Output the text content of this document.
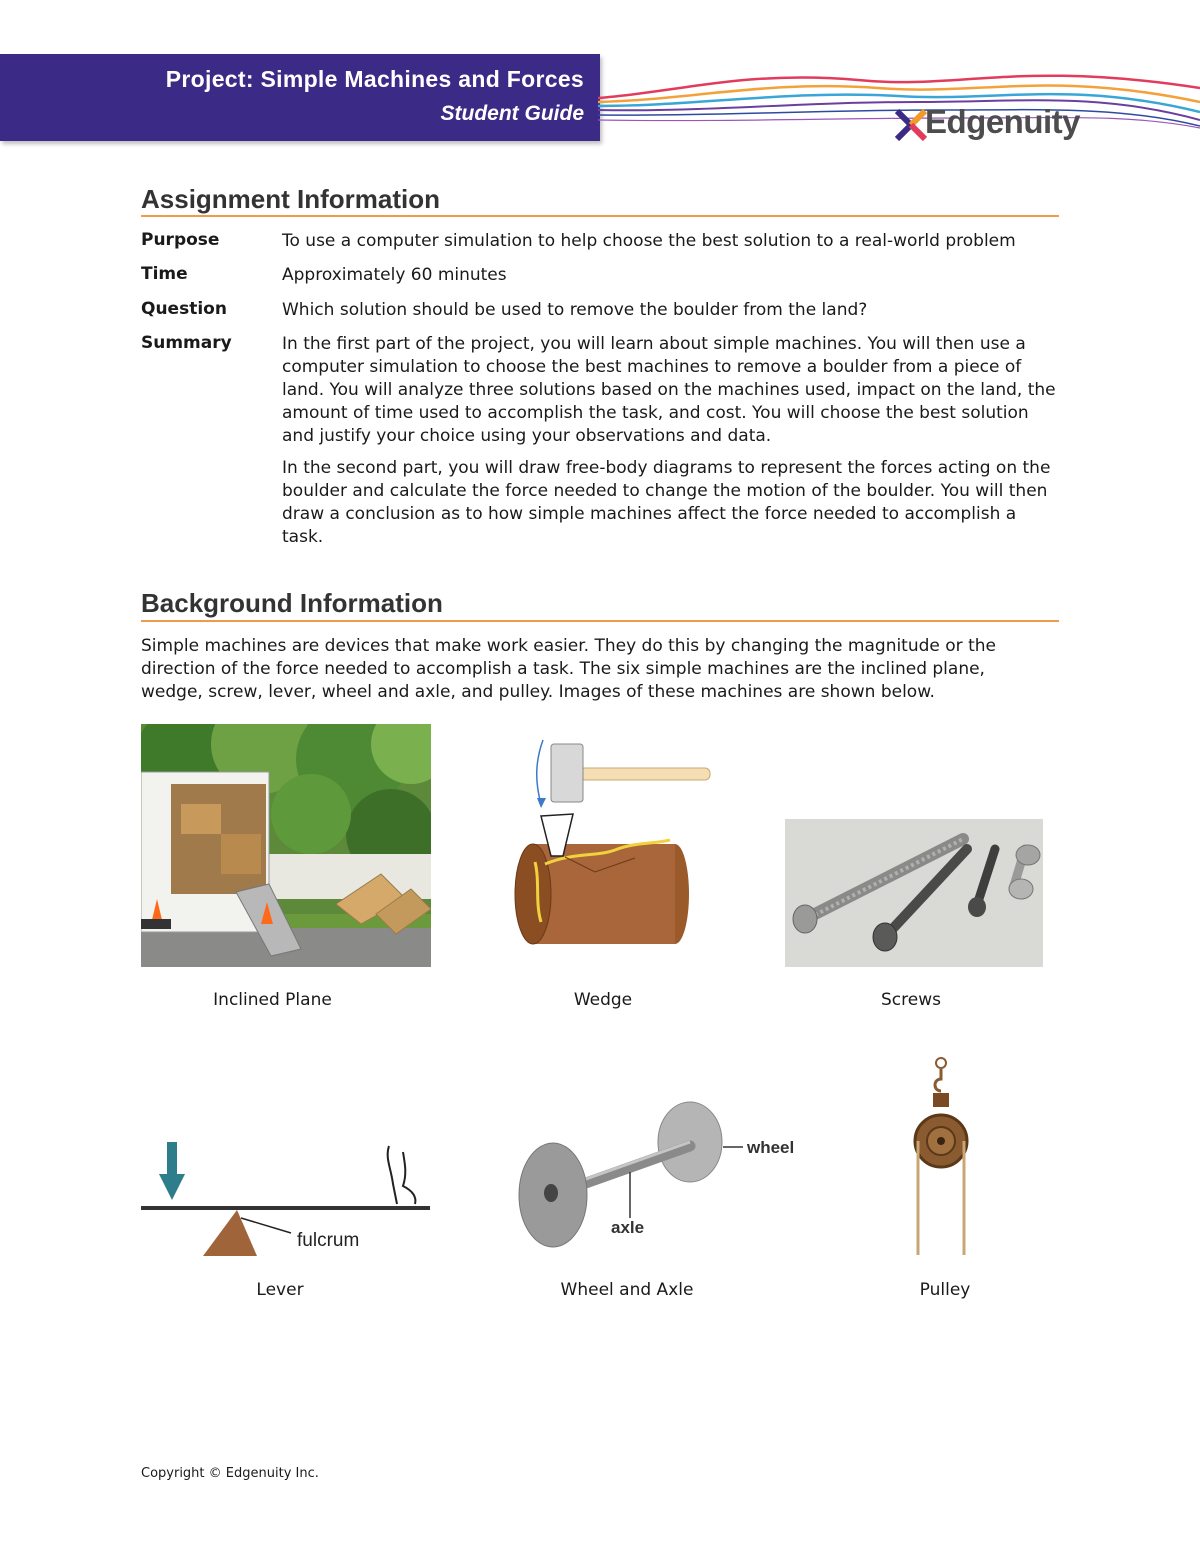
Project: Simple Machines and Forces
Student Guide	Edgenuity
Assignment Information
Purpose	To use a computer simulation to help choose the best solution to a real-world problem
Time	Approximately 60 minutes
Question	Which solution should be used to remove the boulder from the land?
Summary	In the first part of the project, you will learn about simple machines. You will then use a computer simulation to choose the best machines to remove a boulder from a piece of land. You will analyze three solutions based on the machines used, impact on the land, the amount of time used to accomplish the task, and cost. You will choose the best solution and justify your choice using your observations and data.
In the second part, you will draw free-body diagrams to represent the forces acting on the boulder and calculate the force needed to change the motion of the boulder. You will then draw a conclusion as to how simple machines affect the force needed to accomplish a task.
Background Information
Simple machines are devices that make work easier. They do this by changing the magnitude or the direction of the force needed to accomplish a task. The six simple machines are the inclined plane, wedge, screw, lever, wheel and axle, and pulley. Images of these machines are shown below.
Inclined Plane	Wedge	Screws
fulcrum
Lever
wheel
axle
Wheel and Axle	Pulley
Copyright © Edgenuity Inc.
